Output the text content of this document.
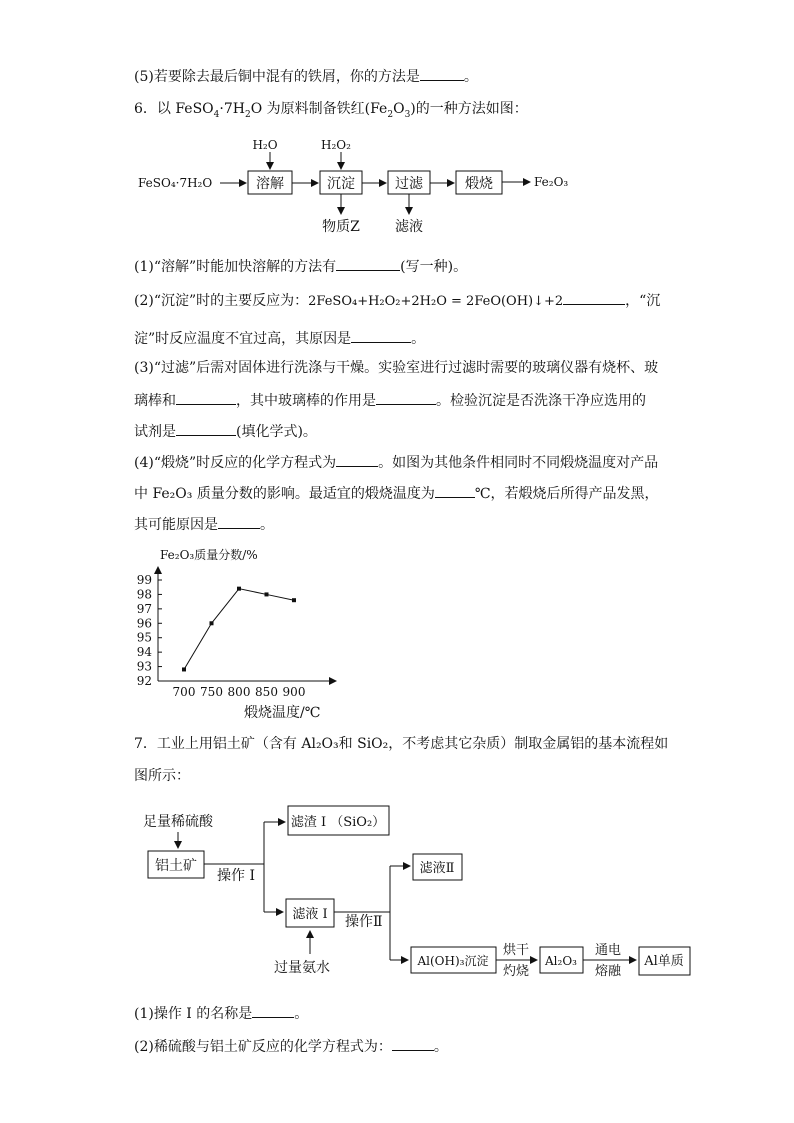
(5)若要除去最后铜中混有的铁屑，你的方法是	。
6．以 $FeSO_4\cdot 7H_2O$ 为原料制备铁红$(Fe_2O_3)$的一种方法如图：
FeSO₄·7H₂O	溶解	沉淀	过滤	煅烧	Fe₂O₃
H₂O	H₂O₂
物质Z	滤液
(1)“溶解”时能加快溶解的方法有	(写一种)。
(2)“沉淀”时的主要反应为：2FeSO₄+H₂O₂+2H₂O = 2FeO(OH)↓+2	，“沉
淀”时反应温度不宜过高，其原因是	。
(3)“过滤”后需对固体进行洗涤与干燥。实验室进行过滤时需要的玻璃仪器有烧杯、玻
璃棒和	，其中玻璃棒的作用是	。检验沉淀是否洗涤干净应选用的
试剂是	(填化学式)。
(4)“煅烧”时反应的化学方程式为	。如图为其他条件相同时不同煅烧温度对产品
中 Fe₂O₃ 质量分数的影响。最适宜的煅烧温度为	℃，若煅烧后所得产品发黑，
其可能原因是	。
Fe₂O₃质量分数/%
煅烧温度/℃
92
93
94
95
96
97
98
99
700 750 800 850 900
7．工业上用铝土矿（含有 Al₂O₃和 SiO₂，不考虑其它杂质）制取金属铝的基本流程如
图所示：
足量稀硫酸
铝土矿
操作 I
滤渣 I （SiO₂）
滤液 I
过量氨水
操作Ⅱ
滤液Ⅱ
Al(OH)₃沉淀
烘干
灼烧
Al₂O₃
通电
熔融
Al单质
(1)操作 I 的名称是	。
(2)稀硫酸与铝土矿反应的化学方程式为：	。
